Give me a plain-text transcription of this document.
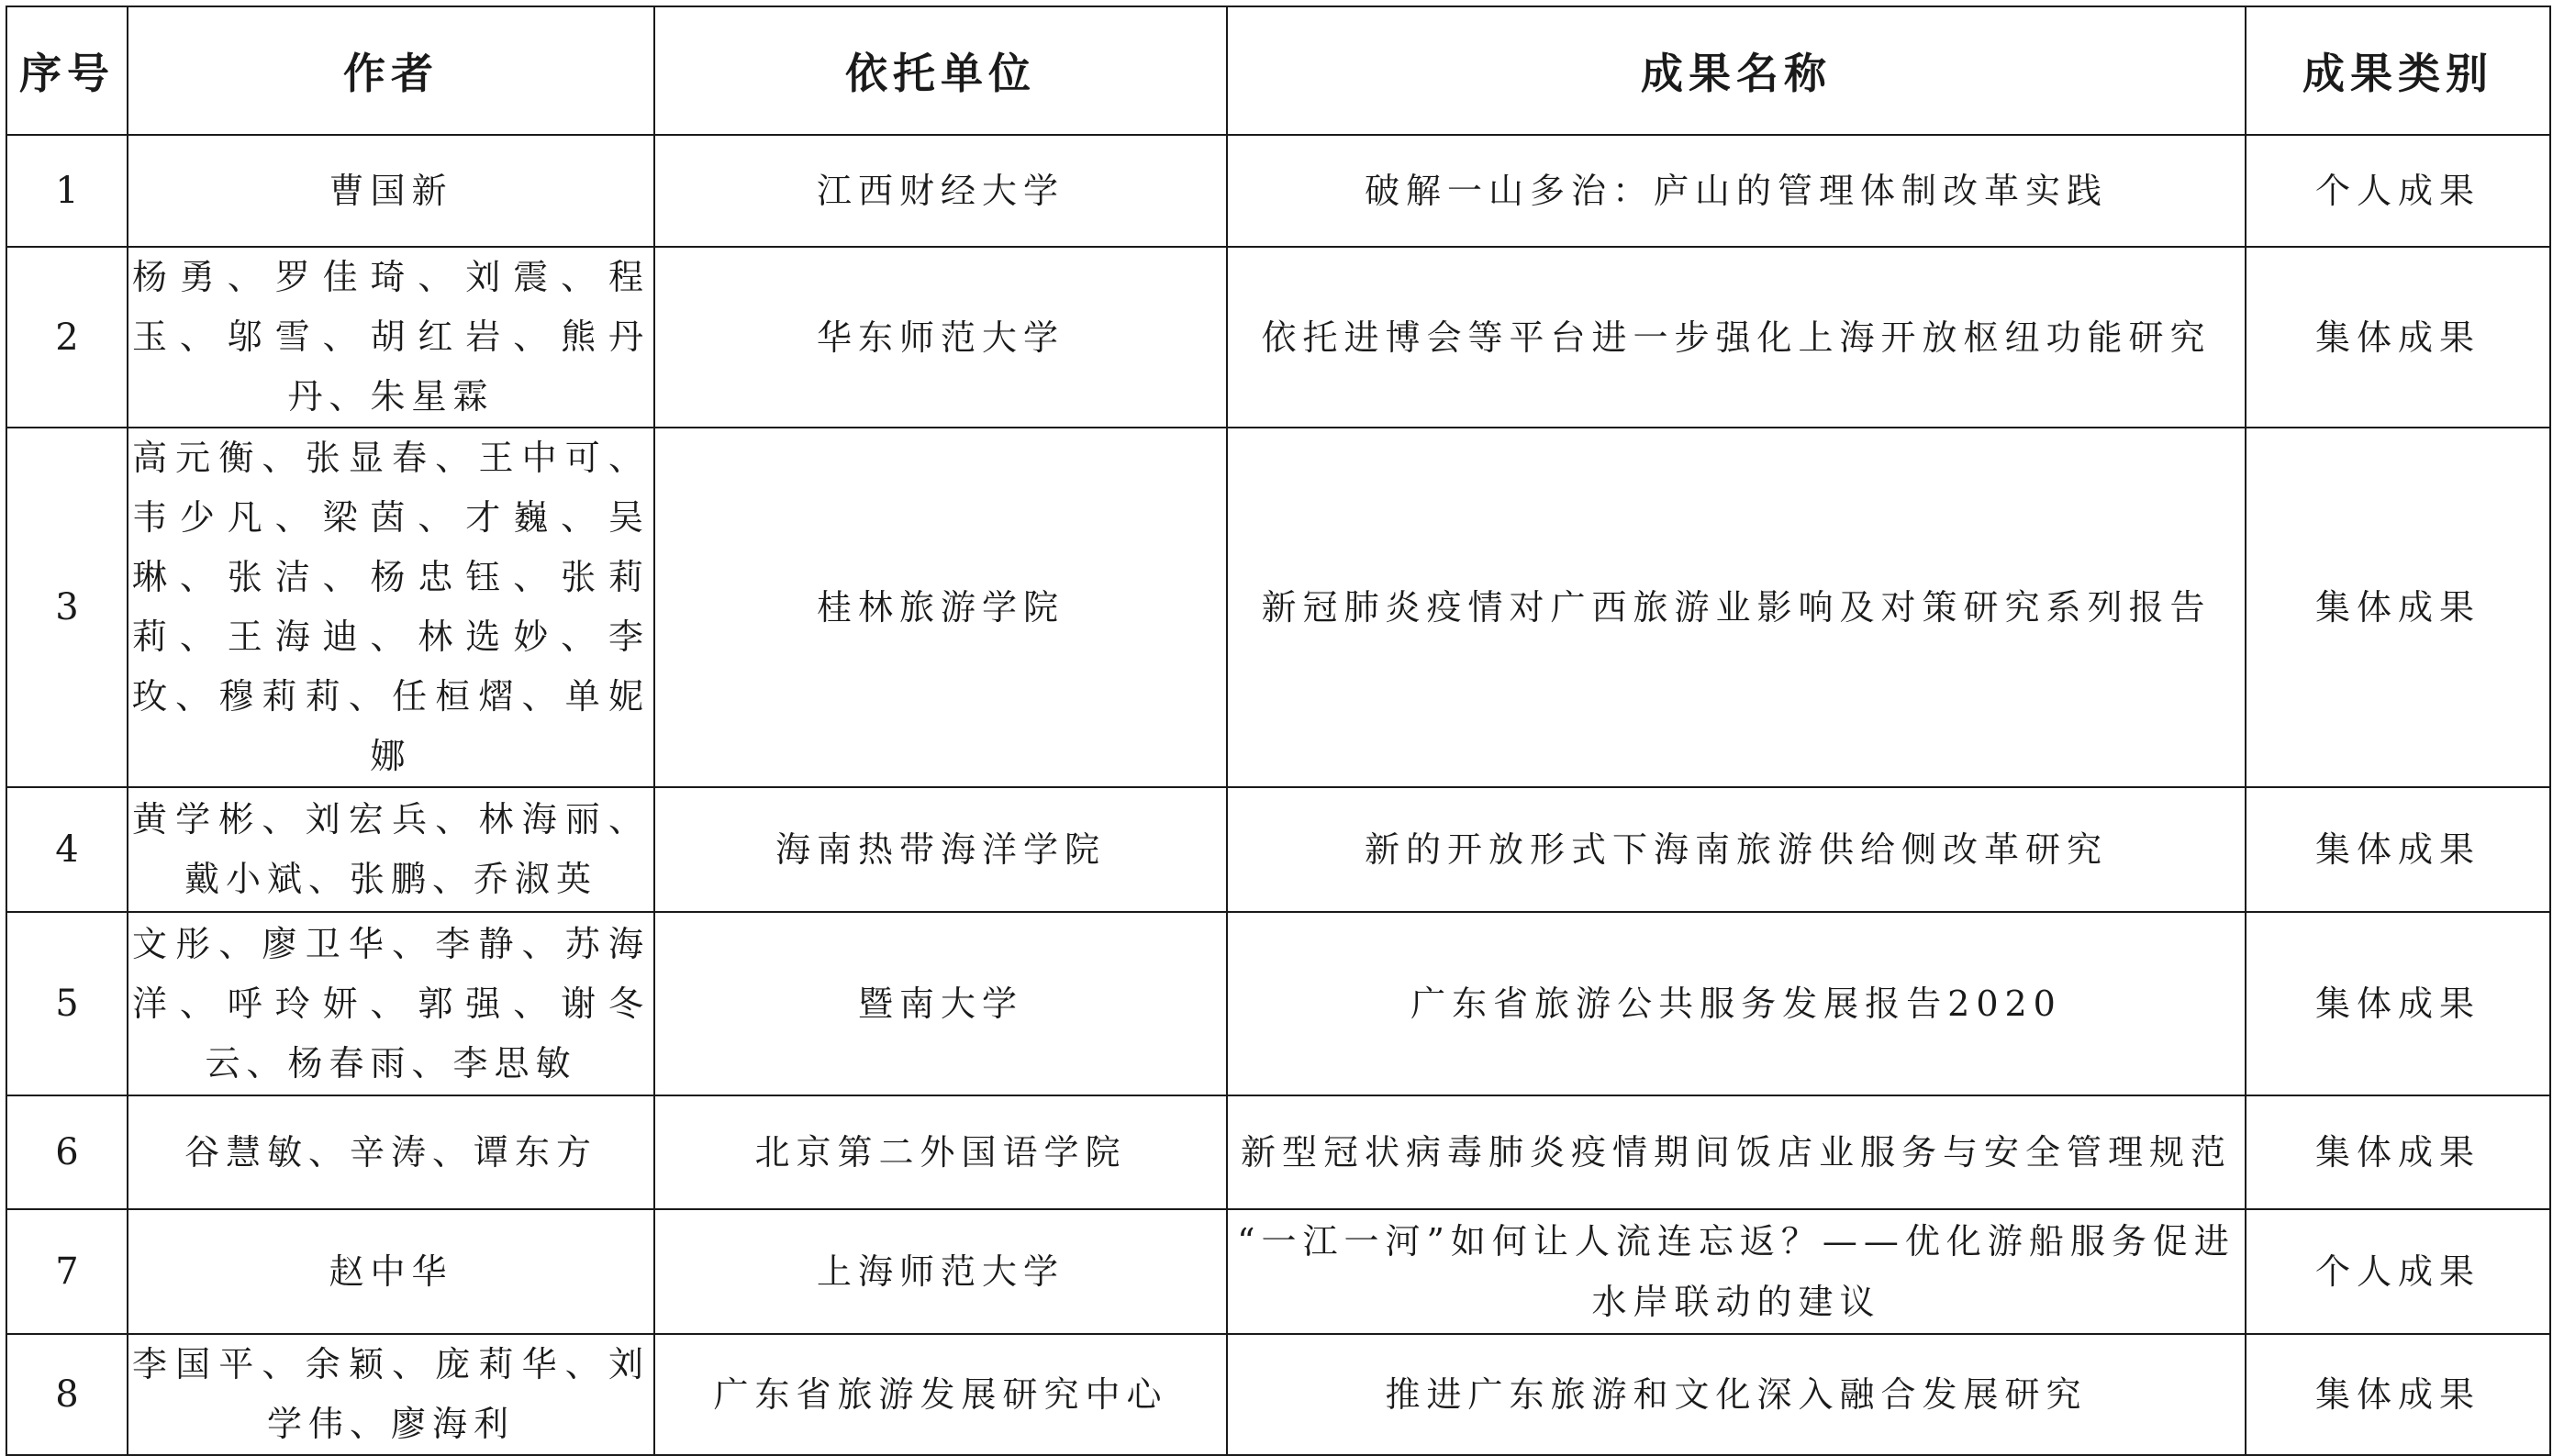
序号	作者	依托单位	成果名称	成果类别
1	曹国新	江西财经大学	破解一山多治：庐山的管理体制改革实践	个人成果
2	杨勇、罗佳琦、刘震、程玉、邬雪、胡红岩、熊丹丹、朱星霖	华东师范大学	依托进博会等平台进一步强化上海开放枢纽功能研究	集体成果
3	高元衡、张显春、王中可、韦少凡、梁茵、才巍、吴琳、张洁、杨忠钰、张莉莉、王海迪、林选妙、李玫、穆莉莉、任桓熠、单妮娜	桂林旅游学院	新冠肺炎疫情对广西旅游业影响及对策研究系列报告	集体成果
4	黄学彬、刘宏兵、林海丽、戴小斌、张鹏、乔淑英	海南热带海洋学院	新的开放形式下海南旅游供给侧改革研究	集体成果
5	文彤、廖卫华、李静、苏海洋、呼玲妍、郭强、谢冬云、杨春雨、李思敏	暨南大学	广东省旅游公共服务发展报告2020	集体成果
6	谷慧敏、辛涛、谭东方	北京第二外国语学院	新型冠状病毒肺炎疫情期间饭店业服务与安全管理规范	集体成果
7	赵中华	上海师范大学	“一江一河”如何让人流连忘返？——优化游船服务促进水岸联动的建议	个人成果
8	李国平、余颖、庞莉华、刘学伟、廖海利	广东省旅游发展研究中心	推进广东旅游和文化深入融合发展研究	集体成果
